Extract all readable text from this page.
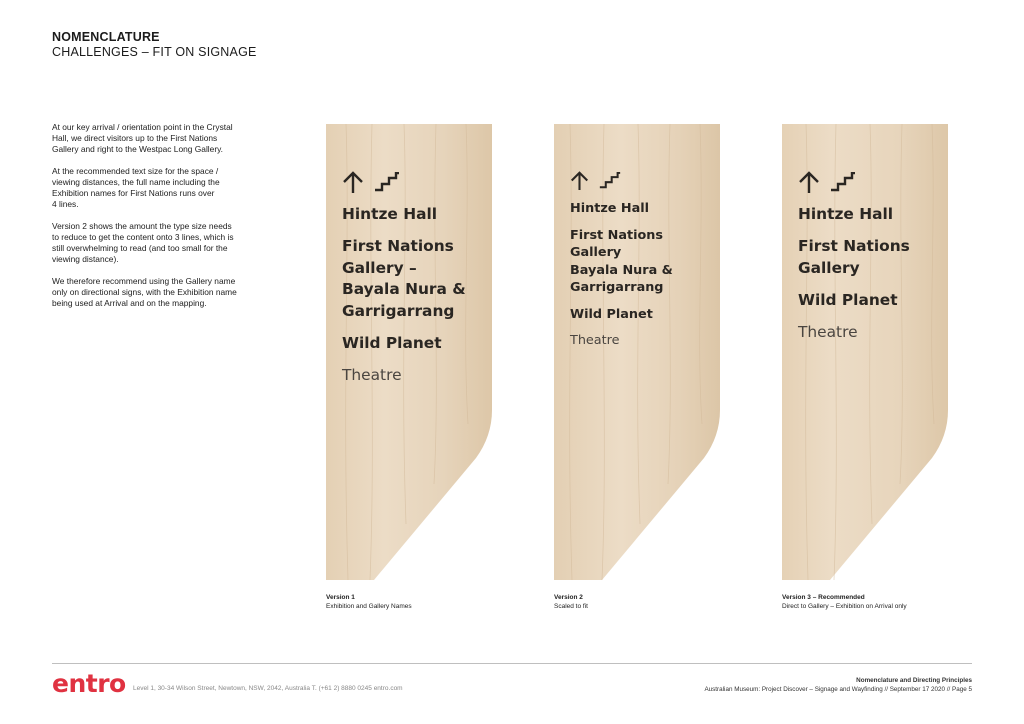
NOMENCLATURE
CHALLENGES – FIT ON SIGNAGE

At our key arrival / orientation point in the Crystal
Hall, we direct visitors up to the First Nations
Gallery and right to the Westpac Long Gallery.

At the recommended text size for the space /
viewing distances, the full name including the
Exhibition names for First Nations runs over
4 lines.

Version 2 shows the amount the type size needs
to reduce to get the content onto 3 lines, which is
still overwhelming to read (and too small for the
viewing distance).

We therefore recommend using the Gallery name
only on directional signs, with the Exhibition name
being used at Arrival and on the mapping.

Hintze Hall
First Nations
Gallery –
Bayala Nura &
Garrigarrang
Wild Planet
Theatre
Version 1
Exhibition and Gallery Names
Hintze Hall
First Nations Gallery
Bayala Nura &
Garrigarrang
Wild Planet
Theatre
Version 2
Scaled to fit
Hintze Hall
First Nations
Gallery
Wild Planet
Theatre
Version 3 – Recommended
Direct to Gallery – Exhibition on Arrival only
entro Level 1, 30-34 Wilson Street, Newtown, NSW, 2042, Australia T. (+61 2) 8880 0245 entro.com
Nomenclature and Directing Principles
Australian Museum: Project Discover – Signage and Wayfinding // September 17 2020 // Page 5
